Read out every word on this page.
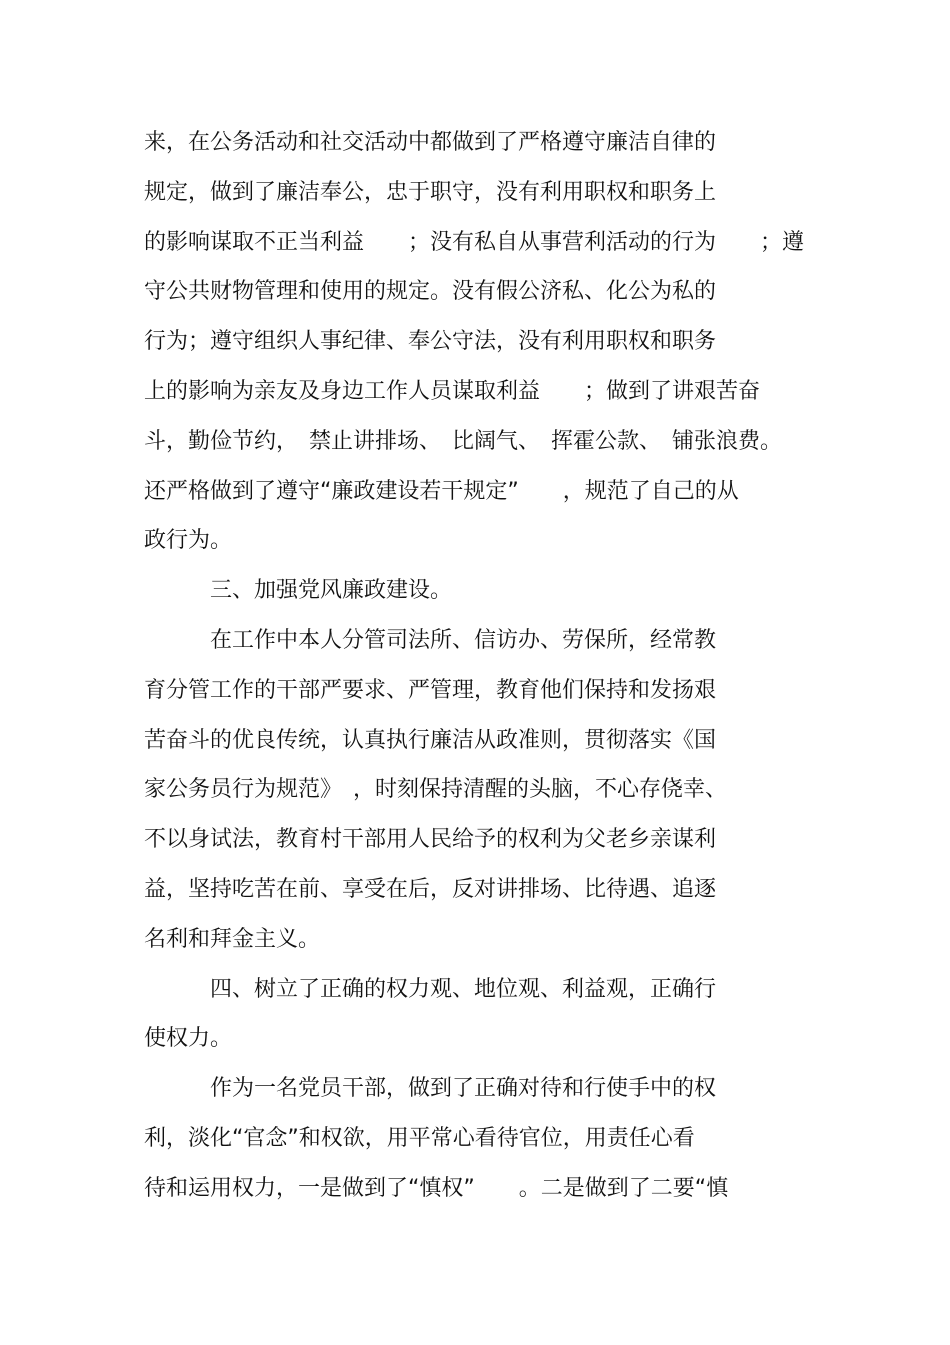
来，在公务活动和社交活动中都做到了严格遵守廉洁自律的
规定，做到了廉洁奉公，忠于职守，没有利用职权和职务上
的影响谋取不正当利益　　；没有私自从事营利活动的行为　　；遵
守公共财物管理和使用的规定。没有假公济私、化公为私的
行为；遵守组织人事纪律、奉公守法，没有利用职权和职务
上的影响为亲友及身边工作人员谋取利益　　；做到了讲艰苦奋
斗，勤俭节约，　禁止讲排场、　比阔气、　挥霍公款、　铺张浪费。
还严格做到了遵守“廉政建设若干规定”　　，规范了自己的从
政行为。
　　　三、加强党风廉政建设。
　　　在工作中本人分管司法所、信访办、劳保所，经常教
育分管工作的干部严要求、严管理，教育他们保持和发扬艰
苦奋斗的优良传统，认真执行廉洁从政准则，贯彻落实《国
家公务员行为规范》　，时刻保持清醒的头脑，不心存侥幸、
不以身试法，教育村干部用人民给予的权利为父老乡亲谋利
益，坚持吃苦在前、享受在后，反对讲排场、比待遇、追逐
名利和拜金主义。
　　　四、树立了正确的权力观、地位观、利益观，正确行
使权力。
　　　作为一名党员干部，做到了正确对待和行使手中的权
利，淡化“官念”和权欲，用平常心看待官位，用责任心看
待和运用权力，一是做到了“慎权”　　。二是做到了二要“慎
